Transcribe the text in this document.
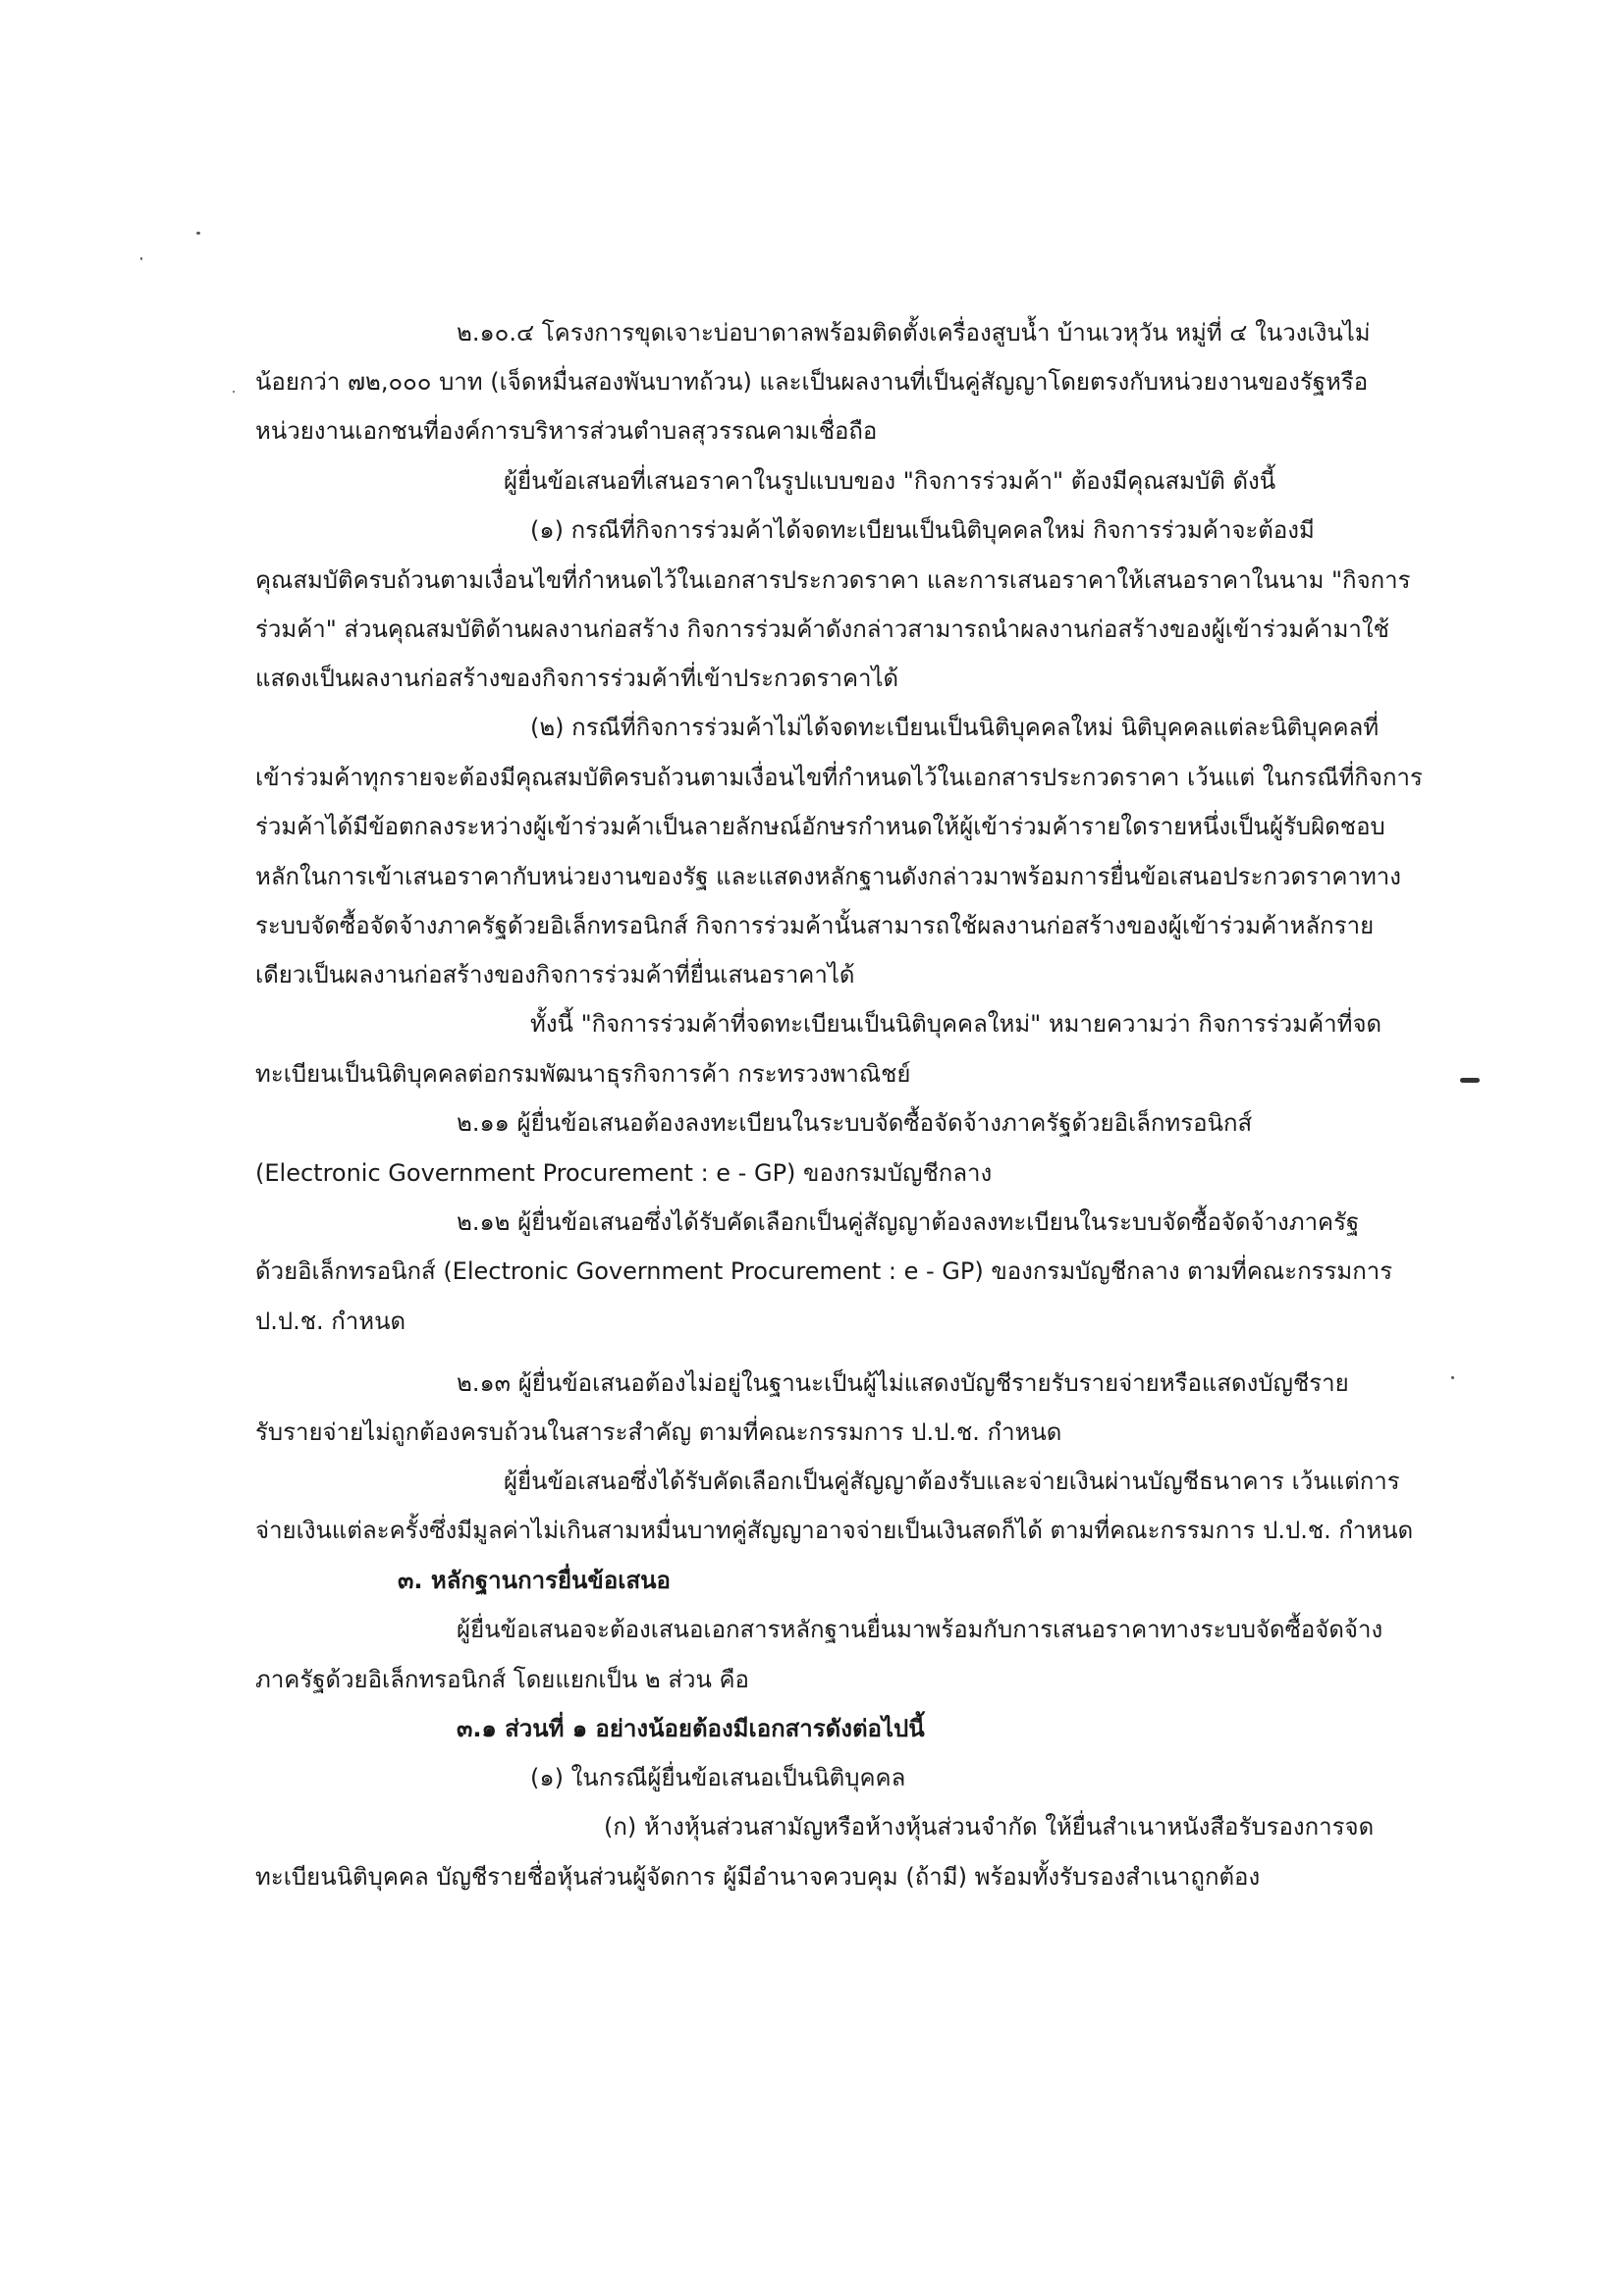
๒.๑๐.๔ โครงการขุดเจาะบ่อบาดาลพร้อมติดตั้งเครื่องสูบน้ำ บ้านเวหุวัน หมู่ที่ ๔ ในวงเงินไม่

น้อยกว่า ๗๒,๐๐๐ บาท (เจ็ดหมื่นสองพันบาทถ้วน) และเป็นผลงานที่เป็นคู่สัญญาโดยตรงกับหน่วยงานของรัฐหรือ

หน่วยงานเอกชนที่องค์การบริหารส่วนตำบลสุวรรณคามเชื่อถือ

ผู้ยื่นข้อเสนอที่เสนอราคาในรูปแบบของ "กิจการร่วมค้า" ต้องมีคุณสมบัติ ดังนี้

(๑) กรณีที่กิจการร่วมค้าได้จดทะเบียนเป็นนิติบุคคลใหม่ กิจการร่วมค้าจะต้องมี

คุณสมบัติครบถ้วนตามเงื่อนไขที่กำหนดไว้ในเอกสารประกวดราคา และการเสนอราคาให้เสนอราคาในนาม "กิจการ

ร่วมค้า" ส่วนคุณสมบัติด้านผลงานก่อสร้าง กิจการร่วมค้าดังกล่าวสามารถนำผลงานก่อสร้างของผู้เข้าร่วมค้ามาใช้

แสดงเป็นผลงานก่อสร้างของกิจการร่วมค้าที่เข้าประกวดราคาได้

(๒) กรณีที่กิจการร่วมค้าไม่ได้จดทะเบียนเป็นนิติบุคคลใหม่ นิติบุคคลแต่ละนิติบุคคลที่

เข้าร่วมค้าทุกรายจะต้องมีคุณสมบัติครบถ้วนตามเงื่อนไขที่กำหนดไว้ในเอกสารประกวดราคา เว้นแต่ ในกรณีที่กิจการ

ร่วมค้าได้มีข้อตกลงระหว่างผู้เข้าร่วมค้าเป็นลายลักษณ์อักษรกำหนดให้ผู้เข้าร่วมค้ารายใดรายหนึ่งเป็นผู้รับผิดชอบ

หลักในการเข้าเสนอราคากับหน่วยงานของรัฐ และแสดงหลักฐานดังกล่าวมาพร้อมการยื่นข้อเสนอประกวดราคาทาง

ระบบจัดซื้อจัดจ้างภาครัฐด้วยอิเล็กทรอนิกส์ กิจการร่วมค้านั้นสามารถใช้ผลงานก่อสร้างของผู้เข้าร่วมค้าหลักราย

เดียวเป็นผลงานก่อสร้างของกิจการร่วมค้าที่ยื่นเสนอราคาได้

ทั้งนี้ "กิจการร่วมค้าที่จดทะเบียนเป็นนิติบุคคลใหม่" หมายความว่า กิจการร่วมค้าที่จด

ทะเบียนเป็นนิติบุคคลต่อกรมพัฒนาธุรกิจการค้า กระทรวงพาณิชย์

๒.๑๑ ผู้ยื่นข้อเสนอต้องลงทะเบียนในระบบจัดซื้อจัดจ้างภาครัฐด้วยอิเล็กทรอนิกส์

(Electronic Government Procurement : e - GP) ของกรมบัญชีกลาง

๒.๑๒ ผู้ยื่นข้อเสนอซึ่งได้รับคัดเลือกเป็นคู่สัญญาต้องลงทะเบียนในระบบจัดซื้อจัดจ้างภาครัฐ

ด้วยอิเล็กทรอนิกส์ (Electronic Government Procurement : e - GP) ของกรมบัญชีกลาง ตามที่คณะกรรมการ

ป.ป.ช. กำหนด

๒.๑๓ ผู้ยื่นข้อเสนอต้องไม่อยู่ในฐานะเป็นผู้ไม่แสดงบัญชีรายรับรายจ่ายหรือแสดงบัญชีราย

รับรายจ่ายไม่ถูกต้องครบถ้วนในสาระสำคัญ ตามที่คณะกรรมการ ป.ป.ช. กำหนด

ผู้ยื่นข้อเสนอซึ่งได้รับคัดเลือกเป็นคู่สัญญาต้องรับและจ่ายเงินผ่านบัญชีธนาคาร เว้นแต่การ

จ่ายเงินแต่ละครั้งซึ่งมีมูลค่าไม่เกินสามหมื่นบาทคู่สัญญาอาจจ่ายเป็นเงินสดก็ได้ ตามที่คณะกรรมการ ป.ป.ช. กำหนด

๓. หลักฐานการยื่นข้อเสนอ

ผู้ยื่นข้อเสนอจะต้องเสนอเอกสารหลักฐานยื่นมาพร้อมกับการเสนอราคาทางระบบจัดซื้อจัดจ้าง

ภาครัฐด้วยอิเล็กทรอนิกส์ โดยแยกเป็น ๒ ส่วน คือ

๓.๑ ส่วนที่ ๑ อย่างน้อยต้องมีเอกสารดังต่อไปนี้

(๑) ในกรณีผู้ยื่นข้อเสนอเป็นนิติบุคคล

(ก) ห้างหุ้นส่วนสามัญหรือห้างหุ้นส่วนจำกัด ให้ยื่นสำเนาหนังสือรับรองการจด

ทะเบียนนิติบุคคล บัญชีรายชื่อหุ้นส่วนผู้จัดการ ผู้มีอำนาจควบคุม (ถ้ามี) พร้อมทั้งรับรองสำเนาถูกต้อง
